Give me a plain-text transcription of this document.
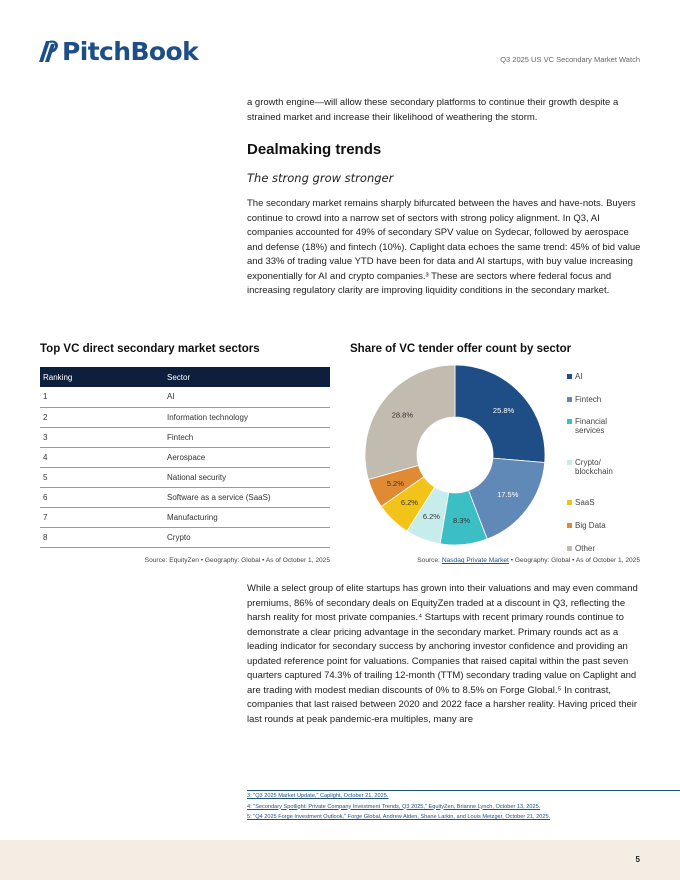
PitchBook	Q3 2025 US VC Secondary Market Watch

a growth engine—will allow these secondary platforms to continue their growth despite a strained market and increase their likelihood of weathering the storm.

Dealmaking trends
The strong grow stronger

The secondary market remains sharply bifurcated between the haves and have-nots. Buyers continue to crowd into a narrow set of sectors with strong policy alignment. In Q3, AI companies accounted for 49% of secondary SPV value on Sydecar, followed by aerospace and defense (18%) and fintech (10%). Caplight data echoes the same trend: 45% of bid value and 33% of trading value YTD have been for data and AI startups, with buy value increasing exponentially for AI and crypto companies.³ These are sectors where federal focus and increasing regulatory clarity are improving liquidity conditions in the secondary market.

Top VC direct secondary market sectors
Ranking	Sector
1	AI
2	Information technology
3	Fintech
4	Aerospace
5	National security
6	Software as a service (SaaS)
7	Manufacturing
8	Crypto
Source: EquityZen • Geography: Global • As of October 1, 2025
Share of VC tender offer count by sector
25.8%
17.5%
8.3%
6.2%
6.2%
5.2%
28.8%
AI
Fintech
Financial services
Crypto/ blockchain
SaaS
Big Data
Other
Source: Nasdaq Private Market • Geography: Global • As of October 1, 2025

While a select group of elite startups has grown into their valuations and may even command premiums, 86% of secondary deals on EquityZen traded at a discount in Q3, reflecting the harsh reality for most private companies.⁴ Startups with recent primary rounds continue to demonstrate a clear pricing advantage in the secondary market. Primary rounds act as a leading indicator for secondary success by anchoring investor confidence and providing an updated reference point for valuations. Companies that raised capital within the past seven quarters captured 74.3% of trailing 12-month (TTM) secondary trading value on Caplight and are trading with modest median discounts of 0% to 8.5% on Forge Global.⁵ In contrast, companies that last raised between 2020 and 2022 face a harsher reality. Having priced their last rounds at peak pandemic-era multiples, many are

3: "Q3 2025 Market Update," Caplight, October 21, 2025.
4: "Secondary Spotlight: Private Company Investment Trends, Q3 2025," EquityZen, Brianne Lynch, October 13, 2025.
5: "Q4 2025 Forge Investment Outlook," Forge Global, Andrew Alden, Shane Larkin, and Louis Metzger, October 21, 2025.
5
